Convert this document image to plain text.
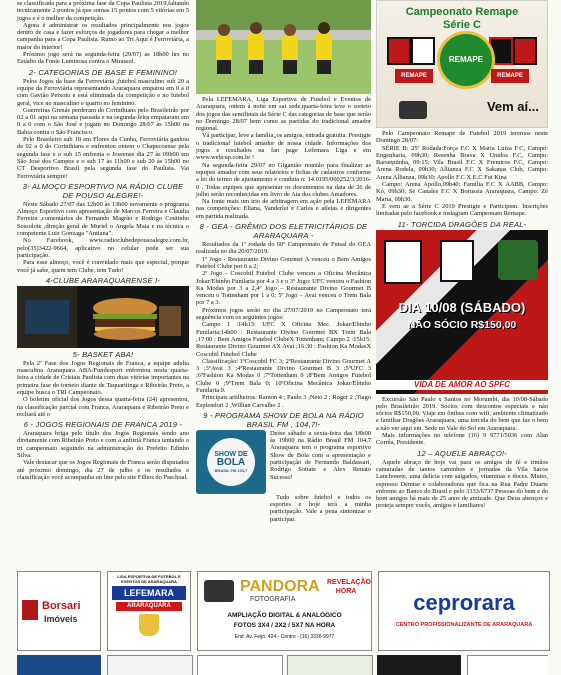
se classificada para a próxima fase da Copa Paulista 2019,faltando tecnicamente 2 pontos já que somas 15 pontos com 5 vitórias em 5 jogos e é o melhor da competição.

Agora é administrar os resultados principalmente nos jogos dentro de casa e fazer esforços de jogadores para chegar a melhor campanha para a Copa Paulista. Rumo ao Tri Aquí é Ferroviária, a maior do interior!

Próximo jogo será na segunda-feira (29/07) as 18h00 hrs no Estádio da Fonte Luminosa contra o Mirassol.

2- CATEGORIAS DE BASE E FEMININO!

Pelos Jogos da base da Ferroviária ,futebol masculino sub 20 a equipe da Ferroviária representando Araraquara empatou em 0 a 0 com Gavião Peixoto e está eliminada da competição e no futebol geral, vice no masculino e quarto no feminino.

Guerreiras Grenás perderam do Corinthians pelo Brasileirão por 02 a 01 aqui na semana passada e na segunda-feira empataram em 0 a 0 com o São José e jogam no Domingo 28/07 às 15h00 na Bahia contra o São Francisco.

Pelo Brasileiro sub 18 em Flores da Cunha, Ferroviária ganhou de 02 a 0 do Corinthians e enfrentou ontem o Chapecoense pela segunda fase e o sub 15 enfrenta o Joseense dia 27 às 09h00 em São José dos Campos e o sub 17 às 11h00 e sub 20 às 15h00 no CT Desportivo Brasil pela segunda fase do Paulista. Vai Ferroviária sempre!

3- ALMOÇO ESPORTIVO NA RÁDIO CLUBE DE POUSO ALEGRE!-

Neste Sábado 27/07 das 12h00 às 13h00 novamente o programa Almoço Esportivo com apresentação de Marcos Ferreira e Claudia Ferreira ,comentários de Fernando Magrão e Rodrigo Coutinho Sossolote ,direção geral de Muriel o Angela Maia e na técnica o competente Luiz Gonzaga "Antiana".

No Facebook, www.radioclubedepousoalegre.com.br, pelo(35)3422-9664, aplicativo no celular pode ser sua participação.

Para esse almoço, você é convidado mais que especial, porque você já sabe, quem tem Clube, tem Tudo!

4-CLUBE ARARAQUARENSE I-
5- BASKET ABA!

Pela 2ª Fase dos Jogos Regionais de Franca, a equipe adulta masculina Araraquara ABA/Fundesport enfrentou nesta quarta-feira a cidade de Cristais Paulista com duas vitórias importantes na primeira fase do torneio diante de Taquaritinga e Ribeirão Preto, a equipe busca o TRI Campeonato.

O boletim oficial dos Jogos dessa quarta-feira (24) apresentou, na classificação parcial com Franca, Araraquara e Ribeirão Preto e recliará até o

6 - JOGOS REGIONAIS DE FRANCA 2019 -

Araraquara briga pelo título dos Jogos Regionais sendo ano diretamente com Ribeirão Preto e com a anfitriã Franca tentando o tri campeonato seguindo na administração do Prefeito Edinho Silva.

Vale destacar que os Jogos Regionais de Franca serão disputados até próximo domingo, dia 27 de julho e os resultados e classificação você acompanha on line pelo site Filhos do Paschoal.

Pela LEFEMARA, Liga Esportiva de Futebol e Eventos de Araraquara, ontem à noite em sai sede,quarta-feira teve o sorteio dos jogos das semifinais da Série C das categorias de base que serão no Domingo 28/07 bem como as partidas do tradicional amador regional.

Vá participar, leve a família,,os amigos, entrada gratuita. Prestigie o tradicional futebol amador de nossa cidade. Informações dos jogos e resultados na fan page Lefemara Liga e em www.webcup.com.br !

Na segunda-feira 29/07 no Gigantão reunião para finalizar as equipes amador com seus relatórios e fichas de cadastros conforme a lei do termo de ajustamento e conduta n: 14.0195/000252/3/2016-0 . Todas equipes que apresentar os documentos na data de 26 de julho serão reconhecidas em livro de Ata dos clubes Amadores.

Na fonte mais um trio de arbitragem em ação pela LEFEMARA nas competições: Eliana, Vanderlei e Carlos e atletas e dirigentes em partida realizada.

8 - GEA - GRÊMIO DOS ELETRICITÁRIOS DE ARARAQUARA -

Resultados da 1ª rodada do 60º Campeonato de Futsal do GEA realizada no dia 20/07/2019.

1º Jogo - Restaurante Divino Gourmet A venceu o Bem Amigos Futebol Clube por 6 a 2;

2º Jogo - Coscobil Futebol Clube venceu a Oficina Mecânica Jokar/Ebinho Funilaria por 4 a 3 e o 3º Jogo: UFC venceu o Fashion Ka Modas por 3 a 2,4º Jogo – Restaurante Divino Gourmet B venceu o Tottenham por 1 a 0; 5º Jogo – Avai venceu o Trem Bala por 7 a 3.

Próximos jogos serão no dia 27/07/2019 no Campeonato terá seguência com os seguintes jogos:

Campo 1 :14h15: UFC X Oficina Mec. Jokar/Ebinho Funilaria;14h00 : Restaurante Divino Gourmet BX Trem Bala ;17:00 : Bem Amigos Futebol ClubeX Tottenham; Campo 2 :15h15: Restaurante Divino Gourmet AX Avai ;16:30 : Fashion Ka ModasX Coscobil Futebol Clube

Classificação: 1ºCoscobil FC 3; 2ºRestaurante Divino Gourmet A 3 ;3ºAvai 3 ;4ºRestaurante Divino Gourmet B 3 ;5ºUFC 3 ;6ºFashion Ka Modas 0 ;7ºTottenham 0 ;8ºBem Amigos Futebol Clube 0 ;9ºTrem Bala 0; 10ºOficina Mecânica Jokar/Ebinho Funilaria 0.

Principais artilheiros: Ramon 4 ; Paulo 3 ;Neto 2 ; Roger 2 ;Tiago Esplendori 2 ,Willian Carvalho 2 .

9 - PROGRAMA SHOW DE BOLA NA RÁDIO BRASIL FM , 104,7!-
SHOW DE
BOLA
BRASIL FM 104,7

Desse sábado a sexta-feira das 18h00 às 19h00 na Rádio Brasil FM 104,7 Araraquara tem o programa esportivo Show de Bola com a apresentação e participação de Fernando Baldassari, Rodrigo Sottate e Alex Renato Sucesso!

Tudo sobre futebol e todos os esportes e hoje terá a minha participação. Vale a pena sintonizar e participar.

Campeonato Remape
Série C
REMAPE
REMAPE	REMAPE
Vem aí...

Pelo Campeonato Remape de Futebol 2019 teremos neste Domingo 28/07:

SÉRIE B: 25ª Rodada:Força F.C X Maria Luiza F.C, Campo: Engenharia, 09h30; Resenha Brava X Unidos F.C, Campo: Barsequinha, 09:15; Vila Brasil F.C X Fremiros F.C, Campo: Arena Rodela, 09h30; Allianza F.C X Sakanas Club, Campo: Arena Allianza, 09h30; Apollo F.C X E.C Fut Kina

Campo: Arena Apollo,09h40; Família F.C X AABB, Campo: Kó, 09h30; Se Canales F.C X Borussia Araraquara, Campo: Zé Maria, 09h30.

E vem ae a Série C 2019 Prestigie e Participem. Inscrições limitadas pelo facebook e instagram Campeonato Remape.

11- TORCIDA DRAGÕES DA REAL-
DIA 10/08 (SÁBADO)
NÃO SÓCIO R$150,00
VIDA DE AMOR AO SPFC

Excursão São Paulo x Santos no Morumbi, dia 10/08-Sábado pelo Brasileirão 2019. Sócios com descontos especiais e não sócios R$150,00. Viaje em ônibus com wifi, ambiente climatizado e familiar Dragões Araraquara, uma torcida do bem que faz o bem a não ver aqui em. Sede no Vale do Sol em Araraquara.

Mais informações no telefone (16) 9 9771/5036 com Alan Corrêa, Presidente.

12 – AQUELE ABRAÇO!-

Aquele abraço de hoje vai para os amigos de fé e irmãos camaradas de tantos caminhos e jornadas da Vila Sacos Lanchonete, uma delícia com salgados, vitaminas e doces. Muito, espresso Demise e colaboradoras que fica na Rua Padre Duarte enfrente ao Banco do Brasil e pelo 3333/6737 Pessoas do bem e do bom amigos há mais de 25 anos de amizade. Que Deus abençoe e proteja sempre vocês, amigos e familiares!

Borsari
Imóveis
LIGA ESPORTIVA DE FUTEBOL E EVENTOS DE ARARAQUARA
LEFEMARA
ARARAQUARA
PANDORA
FOTOGRAFIA
REVELAÇÃO HORA
AMPLIAÇÃO DIGITAL & ANALÓGICO
FOTOS 3X4 / 2X2 / 5X7 NA HORA
End: Av. Feijó, 424 - Centro - (16) 3336-9977
ceprorara
CENTRO PROFISSIONALIZANTE DE ARARAQUARA
